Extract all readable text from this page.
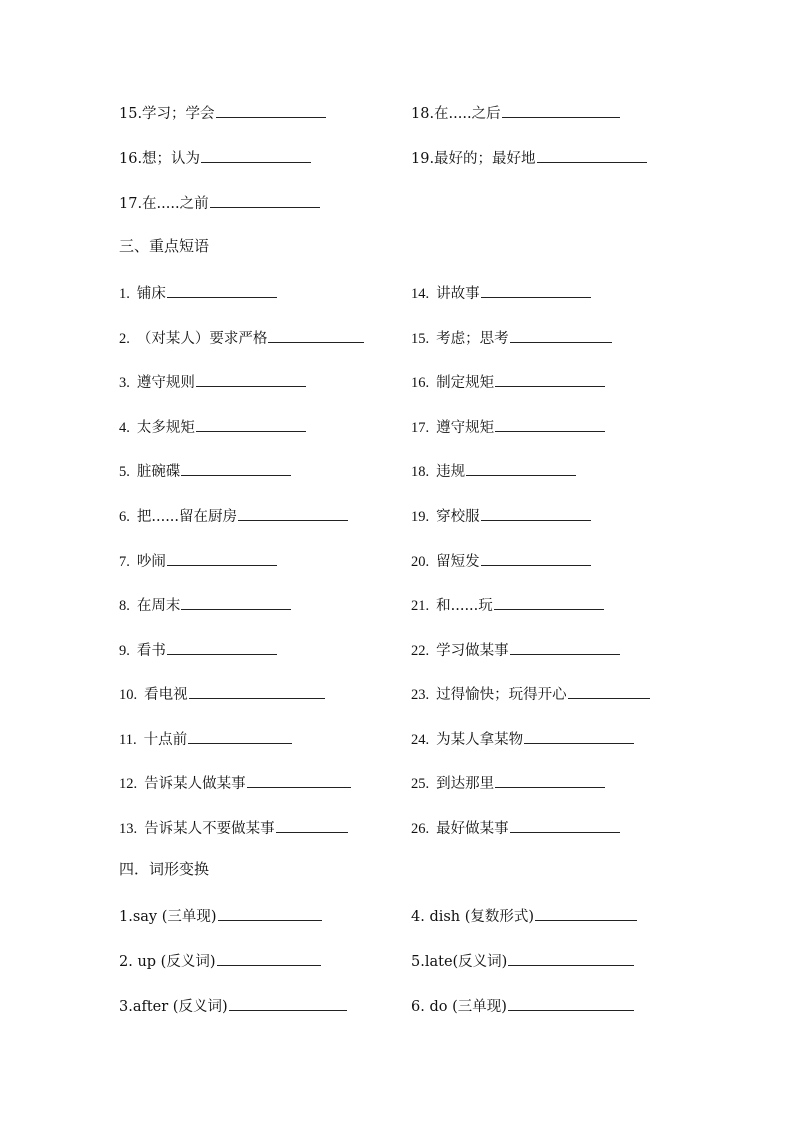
15.学习；学会	18.在.....之后
16.想；认为	19.最好的；最好地
17.在.....之前
三、重点短语
1. 铺床	14. 讲故事
2. （对某人）要求严格	15. 考虑；思考
3. 遵守规则	16. 制定规矩
4. 太多规矩	17. 遵守规矩
5. 脏碗碟	18. 违规
6. 把......留在厨房	19. 穿校服
7. 吵闹	20. 留短发
8. 在周末	21. 和......玩
9. 看书	22. 学习做某事
10. 看电视	23. 过得愉快；玩得开心
11. 十点前	24. 为某人拿某物
12. 告诉某人做某事	25. 到达那里
13. 告诉某人不要做某事	26. 最好做某事
四．词形变换
1.say (三单现)	4. dish (复数形式)
2. up (反义词)	5.late(反义词)
3.after (反义词)	6. do (三单现)
